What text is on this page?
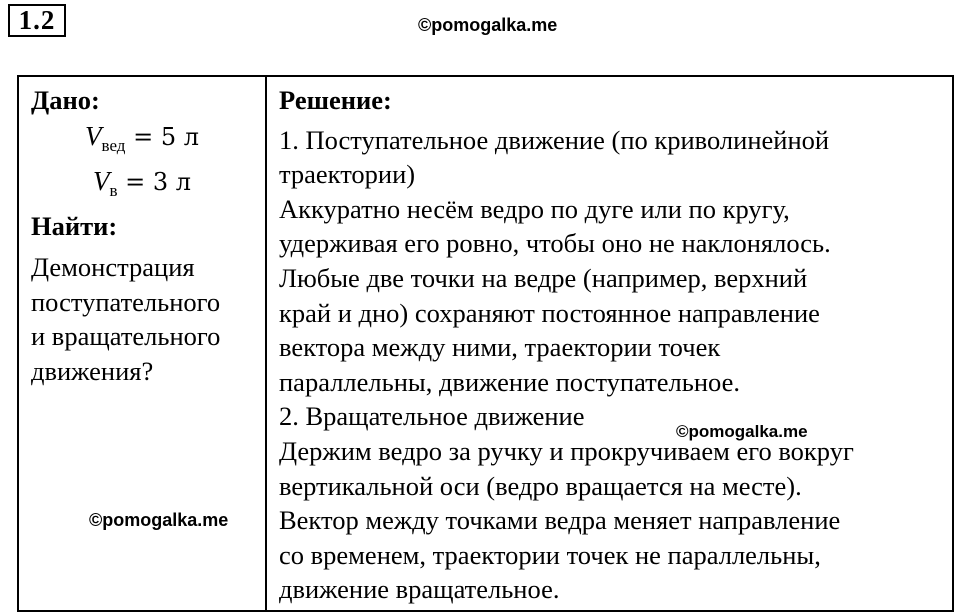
1.2	©pomogalka.me
Дано:
$V_{вед} = 5$ л
$V_в = 3$ л
Найти:
Демонстрация
поступательного
и вращательного
движения?

Решение:
1. Поступательное движение (по криволинейной
траектории)
Аккуратно несём ведро по дуге или по кругу,
удерживая его ровно, чтобы оно не наклонялось.
Любые две точки на ведре (например, верхний
край и дно) сохраняют постоянное направление
вектора между ними, траектории точек
параллельны, движение поступательное.
2. Вращательное движение
Держим ведро за ручку и прокручиваем его вокруг
вертикальной оси (ведро вращается на месте).
Вектор между точками ведра меняет направление
со временем, траектории точек не параллельны,
движение вращательное.
©pomogalka.me
©pomogalka.me
